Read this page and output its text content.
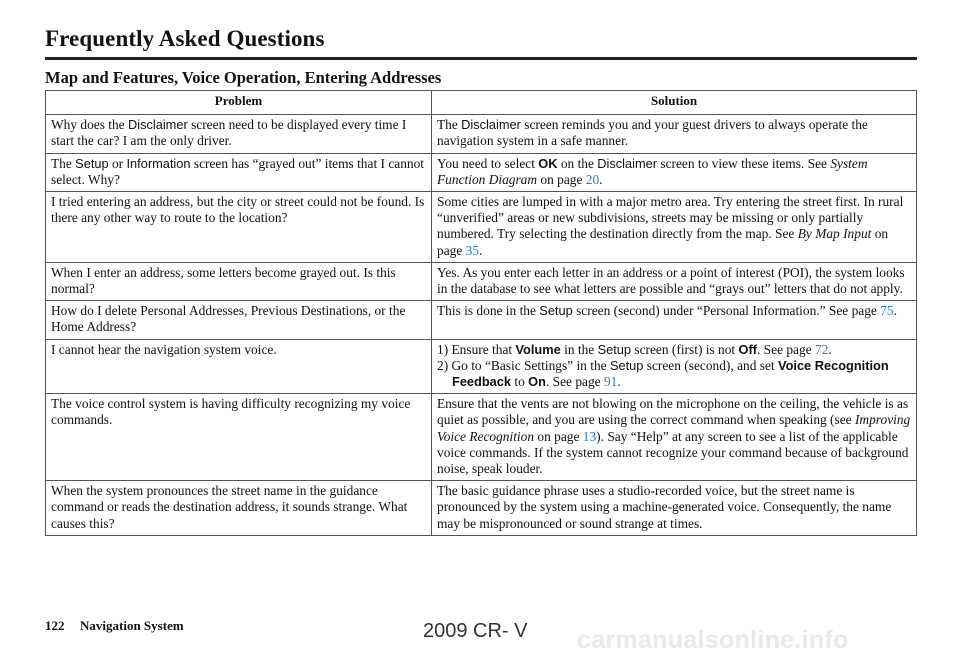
Frequently Asked Questions
Map and Features, Voice Operation, Entering Addresses
Problem	Solution
Why does the Disclaimer screen need to be displayed every time I start the car? I am the only driver.	The Disclaimer screen reminds you and your guest drivers to always operate the navigation system in a safe manner.
The Setup or Information screen has “grayed out” items that I cannot select. Why?	You need to select OK on the Disclaimer screen to view these items. See System Function Diagram on page 20.
I tried entering an address, but the city or street could not be found. Is there any other way to route to the location?	Some cities are lumped in with a major metro area. Try entering the street first. In rural “unverified” areas or new subdivisions, streets may be missing or only partially numbered. Try selecting the destination directly from the map. See By Map Input on page 35.
When I enter an address, some letters become grayed out. Is this normal?	Yes. As you enter each letter in an address or a point of interest (POI), the system looks in the database to see what letters are possible and “grays out” letters that do not apply.
How do I delete Personal Addresses, Previous Destinations, or the Home Address?	This is done in the Setup screen (second) under “Personal Information.” See page 75.
I cannot hear the navigation system voice.	1) Ensure that Volume in the Setup screen (first) is not Off. See page 72.
2) Go to “Basic Settings” in the Setup screen (second), and set Voice Recognition Feedback to On. See page 91.

The voice control system is having difficulty recognizing my voice commands.	Ensure that the vents are not blowing on the microphone on the ceiling, the vehicle is as quiet as possible, and you are using the correct command when speaking (see Improving Voice Recognition on page 13). Say “Help” at any screen to see a list of the applicable voice commands. If the system cannot recognize your command because of background noise, speak louder.
When the system pronounces the street name in the guidance command or reads the destination address, it sounds strange. What causes this?	The basic guidance phrase uses a studio-recorded voice, but the street name is pronounced by the system using a machine-generated voice. Consequently, the name may be mispronounced or sound strange at times.
122 Navigation System	2009 CR- V carmanualsonline.info
